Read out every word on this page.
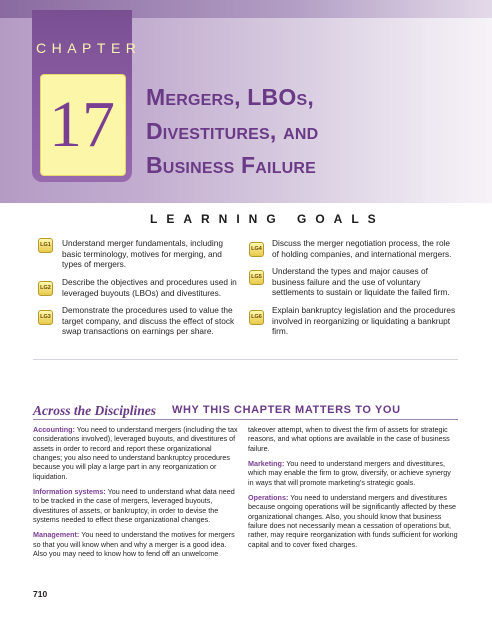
CHAPTER
17	Mergers, LBOs,
Divestitures, and
Business Failure
LEARNING GOALS
LG1 Understand merger fundamentals, including basic terminology, motives for merging, and types of mergers.
LG2
Describe the objectives and procedures used in leveraged buyouts (LBOs) and divestitures.
LG3
Demonstrate the procedures used to value the target company, and discuss the effect of stock swap transactions on earnings per share.
LG4
Discuss the merger negotiation process, the role of holding companies, and international mergers.
LG5
Understand the types and major causes of business failure and the use of voluntary settlements to sustain or liquidate the failed firm.
LG6
Explain bankruptcy legislation and the procedures involved in reorganizing or liquidating a bankrupt firm.
Across the Disciplines WHY THIS CHAPTER MATTERS TO YOU

Accounting: You need to understand mergers (including the tax considerations involved), leveraged buyouts, and divestitures of assets in order to record and report these organizational changes; you also need to understand bankruptcy procedures because you will play a large part in any reorganization or liquidation.

Information systems: You need to understand what data need to be tracked in the case of mergers, leveraged buyouts, divestitures of assets, or bankruptcy, in order to devise the systems needed to effect these organizational changes.

Management: You need to understand the motives for mergers so that you will know when and why a merger is a good idea. Also you may need to know how to fend off an unwelcome

takeover attempt, when to divest the firm of assets for strategic reasons, and what options are available in the case of business failure.

Marketing: You need to understand mergers and divestitures, which may enable the firm to grow, diversify, or achieve synergy in ways that will promote marketing’s strategic goals.

Operations: You need to understand mergers and divestitures because ongoing operations will be significantly affected by these organizational changes. Also, you should know that business failure does not necessarily mean a cessation of operations but, rather, may require reorganization with funds sufficient for working capital and to cover fixed charges.

710
